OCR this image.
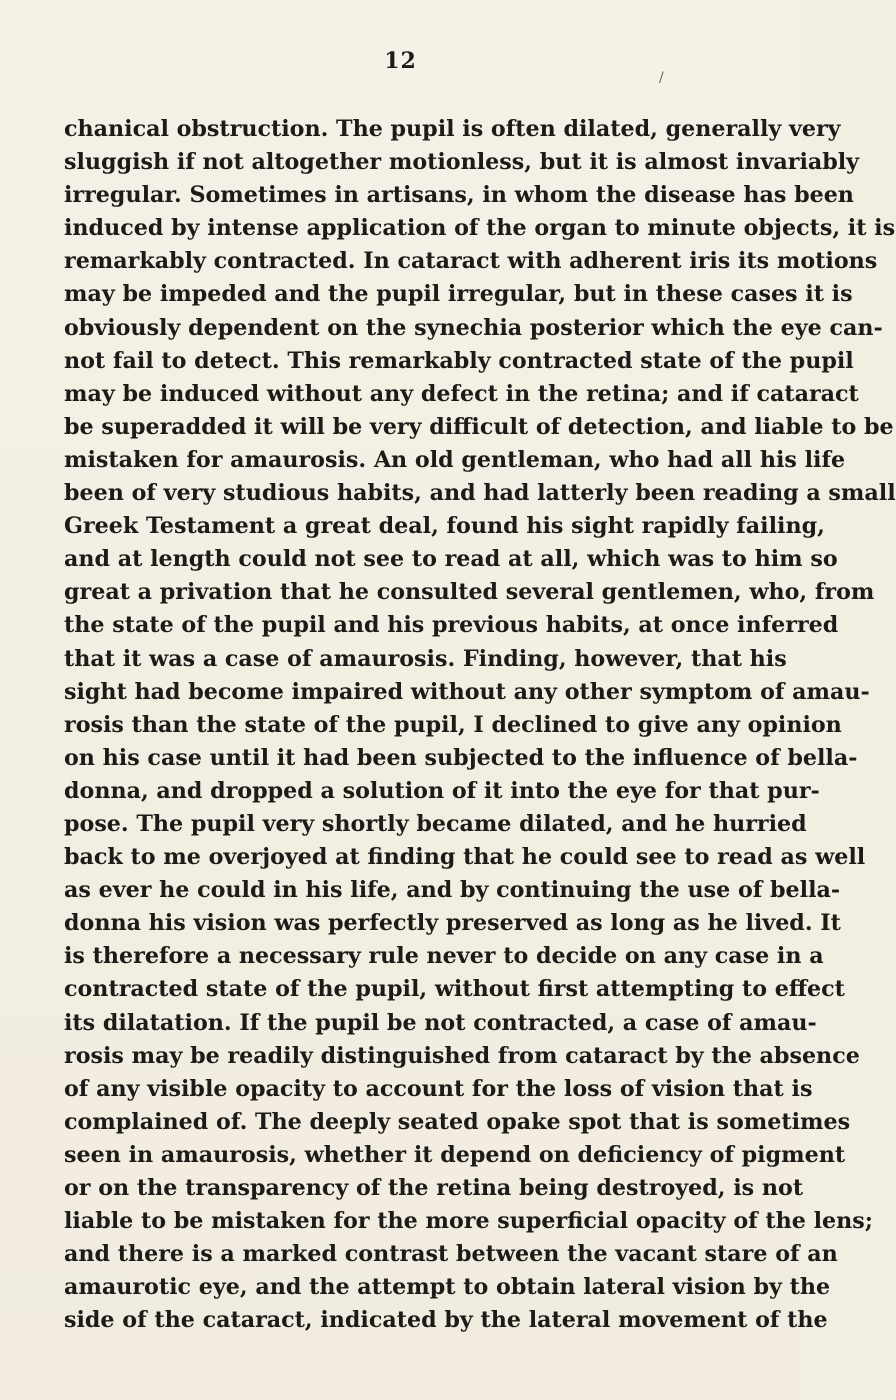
12
/
chanical obstruction. The pupil is often dilated, generally very
sluggish if not altogether motionless, but it is almost invariably
irregular. Sometimes in artisans, in whom the disease has been
induced by intense application of the organ to minute objects, it is
remarkably contracted. In cataract with adherent iris its motions
may be impeded and the pupil irregular, but in these cases it is
obviously dependent on the synechia posterior which the eye can-
not fail to detect. This remarkably contracted state of the pupil
may be induced without any defect in the retina; and if cataract
be superadded it will be very difficult of detection, and liable to be
mistaken for amaurosis. An old gentleman, who had all his life
been of very studious habits, and had latterly been reading a small
Greek Testament a great deal, found his sight rapidly failing,
and at length could not see to read at all, which was to him so
great a privation that he consulted several gentlemen, who, from
the state of the pupil and his previous habits, at once inferred
that it was a case of amaurosis. Finding, however, that his
sight had become impaired without any other symptom of amau-
rosis than the state of the pupil, I declined to give any opinion
on his case until it had been subjected to the influence of bella-
donna, and dropped a solution of it into the eye for that pur-
pose. The pupil very shortly became dilated, and he hurried
back to me overjoyed at finding that he could see to read as well
as ever he could in his life, and by continuing the use of bella-
donna his vision was perfectly preserved as long as he lived. It
is therefore a necessary rule never to decide on any case in a
contracted state of the pupil, without first attempting to effect
its dilatation. If the pupil be not contracted, a case of amau-
rosis may be readily distinguished from cataract by the absence
of any visible opacity to account for the loss of vision that is
complained of. The deeply seated opake spot that is sometimes
seen in amaurosis, whether it depend on deficiency of pigment
or on the transparency of the retina being destroyed, is not
liable to be mistaken for the more superficial opacity of the lens;
and there is a marked contrast between the vacant stare of an
amaurotic eye, and the attempt to obtain lateral vision by the
side of the cataract, indicated by the lateral movement of the
